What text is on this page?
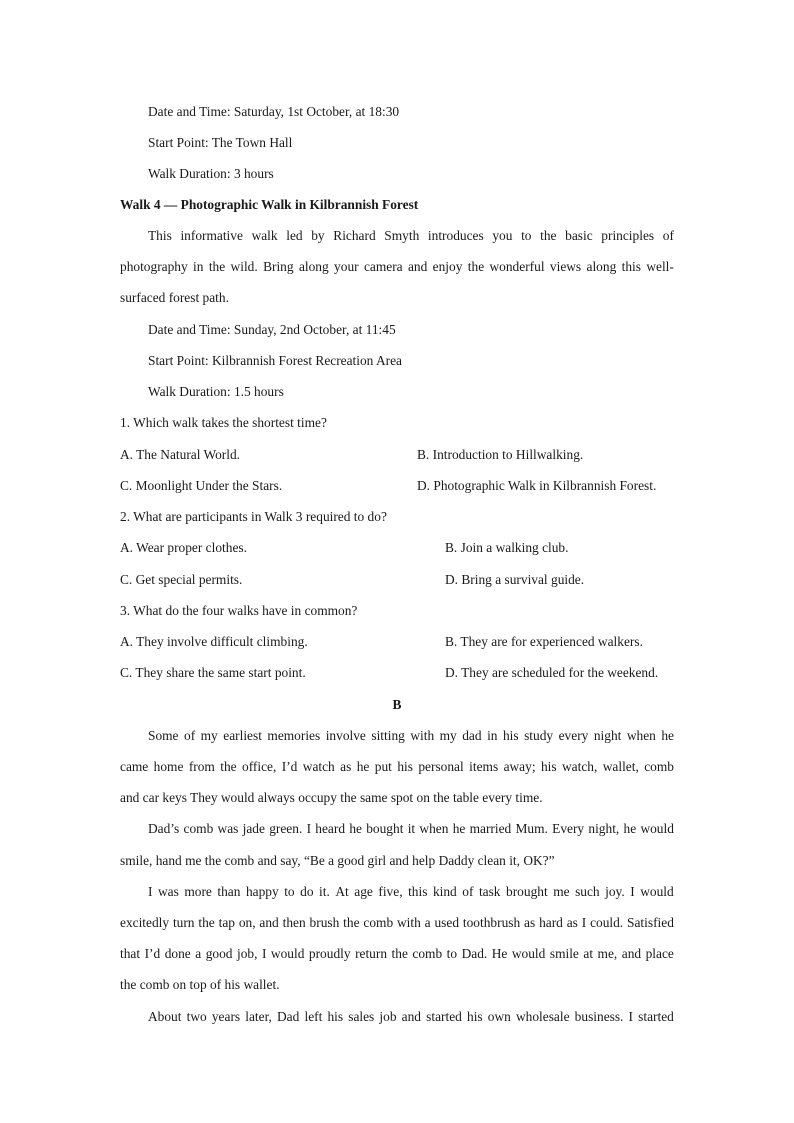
Date and Time: Saturday, 1st October, at 18:30
Start Point: The Town Hall
Walk Duration: 3 hours
Walk 4 — Photographic Walk in Kilbrannish Forest
This informative walk led by Richard Smyth introduces you to the basic principles of
photography in the wild. Bring along your camera and enjoy the wonderful views along this well-
surfaced forest path.
Date and Time: Sunday, 2nd October, at 11:45
Start Point: Kilbrannish Forest Recreation Area
Walk Duration: 1.5 hours
1. Which walk takes the shortest time?
A. The Natural World.	B. Introduction to Hillwalking.
C. Moonlight Under the Stars.	D. Photographic Walk in Kilbrannish Forest.
2. What are participants in Walk 3 required to do?
A. Wear proper clothes.	B. Join a walking club.
C. Get special permits.	D. Bring a survival guide.
3. What do the four walks have in common?
A. They involve difficult climbing.	B. They are for experienced walkers.
C. They share the same start point.	D. They are scheduled for the weekend.
B
Some of my earliest memories involve sitting with my dad in his study every night when he
came home from the office, I’d watch as he put his personal items away; his watch, wallet, comb
and car keys They would always occupy the same spot on the table every time.
Dad’s comb was jade green. I heard he bought it when he married Mum. Every night, he would
smile, hand me the comb and say, “Be a good girl and help Daddy clean it, OK?”
I was more than happy to do it. At age five, this kind of task brought me such joy. I would
excitedly turn the tap on, and then brush the comb with a used toothbrush as hard as I could. Satisfied
that I’d done a good job, I would proudly return the comb to Dad. He would smile at me, and place
the comb on top of his wallet.
About two years later, Dad left his sales job and started his own wholesale business. I started
